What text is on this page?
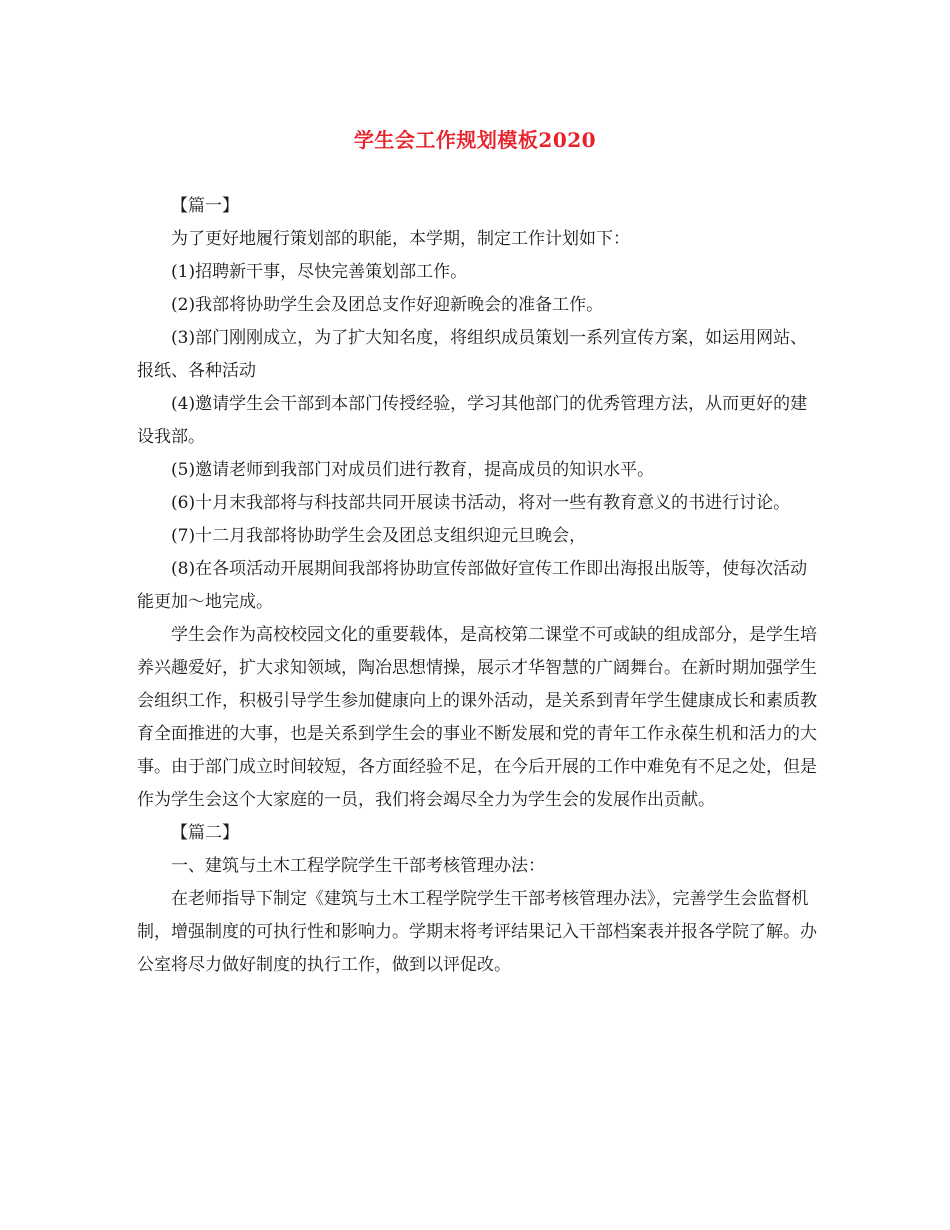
学生会工作规划模板2020

【篇一】

为了更好地履行策划部的职能，本学期，制定工作计划如下：

(1)招聘新干事，尽快完善策划部工作。

(2)我部将协助学生会及团总支作好迎新晚会的准备工作。

(3)部门刚刚成立，为了扩大知名度，将组织成员策划一系列宣传方案，如运用网站、报纸、各种活动

(4)邀请学生会干部到本部门传授经验，学习其他部门的优秀管理方法，从而更好的建设我部。

(5)邀请老师到我部门对成员们进行教育，提高成员的知识水平。

(6)十月末我部将与科技部共同开展读书活动，将对一些有教育意义的书进行讨论。

(7)十二月我部将协助学生会及团总支组织迎元旦晚会，

(8)在各项活动开展期间我部将协助宣传部做好宣传工作即出海报出版等，使每次活动能更加～地完成。

学生会作为高校校园文化的重要载体，是高校第二课堂不可或缺的组成部分，是学生培养兴趣爱好，扩大求知领域，陶冶思想情操，展示才华智慧的广阔舞台。在新时期加强学生会组织工作，积极引导学生参加健康向上的课外活动，是关系到青年学生健康成长和素质教育全面推进的大事，也是关系到学生会的事业不断发展和党的青年工作永葆生机和活力的大事。由于部门成立时间较短，各方面经验不足，在今后开展的工作中难免有不足之处，但是作为学生会这个大家庭的一员，我们将会竭尽全力为学生会的发展作出贡献。

【篇二】

一、建筑与土木工程学院学生干部考核管理办法：

在老师指导下制定《建筑与土木工程学院学生干部考核管理办法》，完善学生会监督机制，增强制度的可执行性和影响力。学期末将考评结果记入干部档案表并报各学院了解。办公室将尽力做好制度的执行工作，做到以评促改。
